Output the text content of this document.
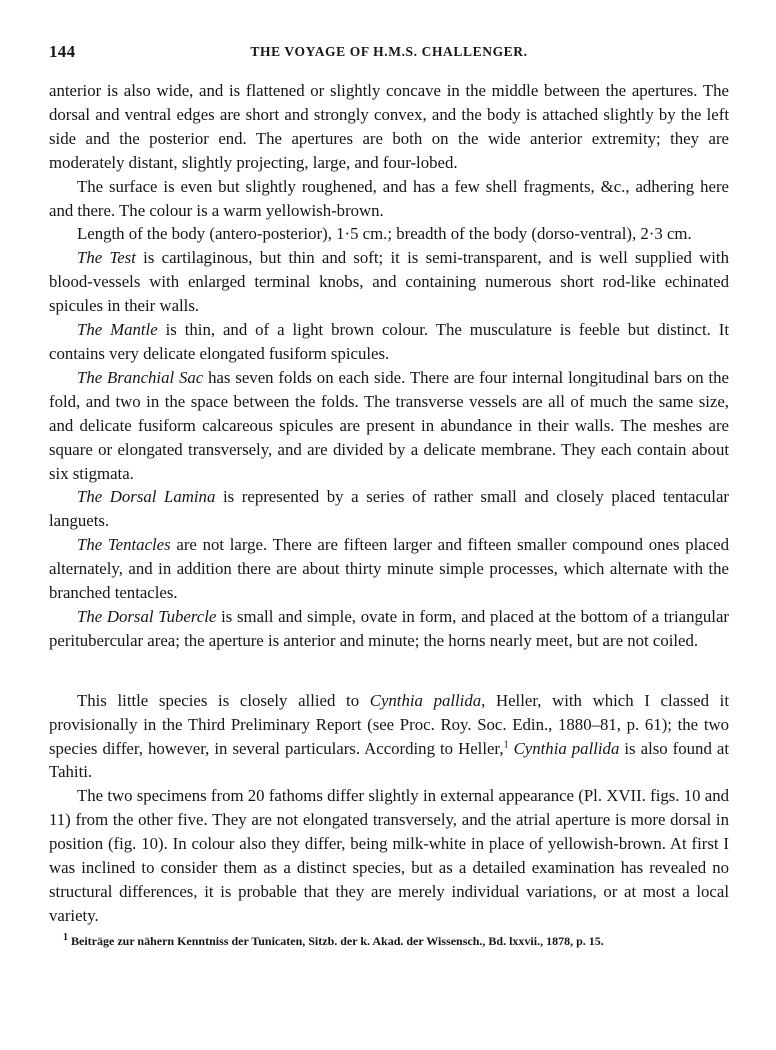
144	THE VOYAGE OF H.M.S. CHALLENGER.

anterior is also wide, and is flattened or slightly concave in the middle between the apertures. The dorsal and ventral edges are short and strongly convex, and the body is attached slightly by the left side and the posterior end. The apertures are both on the wide anterior extremity; they are moderately distant, slightly projecting, large, and four-lobed.

The surface is even but slightly roughened, and has a few shell fragments, &c., adhering here and there. The colour is a warm yellowish-brown.

Length of the body (antero-posterior), 1·5 cm.; breadth of the body (dorso-ventral), 2·3 cm.

The Test is cartilaginous, but thin and soft; it is semi-transparent, and is well supplied with blood-vessels with enlarged terminal knobs, and containing numerous short rod-like echinated spicules in their walls.

The Mantle is thin, and of a light brown colour. The musculature is feeble but distinct. It contains very delicate elongated fusiform spicules.

The Branchial Sac has seven folds on each side. There are four internal longitudinal bars on the fold, and two in the space between the folds. The transverse vessels are all of much the same size, and delicate fusiform calcareous spicules are present in abundance in their walls. The meshes are square or elongated transversely, and are divided by a delicate membrane. They each contain about six stigmata.

The Dorsal Lamina is represented by a series of rather small and closely placed tentacular languets.

The Tentacles are not large. There are fifteen larger and fifteen smaller compound ones placed alternately, and in addition there are about thirty minute simple processes, which alternate with the branched tentacles.

The Dorsal Tubercle is small and simple, ovate in form, and placed at the bottom of a triangular peritubercular area; the aperture is anterior and minute; the horns nearly meet, but are not coiled.

This little species is closely allied to Cynthia pallida, Heller, with which I classed it provisionally in the Third Preliminary Report (see Proc. Roy. Soc. Edin., 1880–81, p. 61); the two species differ, however, in several particulars. According to Heller,$^1$ Cynthia pallida is also found at Tahiti.

The two specimens from 20 fathoms differ slightly in external appearance (Pl. XVII. figs. 10 and 11) from the other five. They are not elongated transversely, and the atrial aperture is more dorsal in position (fig. 10). In colour also they differ, being milk-white in place of yellowish-brown. At first I was inclined to consider them as a distinct species, but as a detailed examination has revealed no structural differences, it is probable that they are merely individual variations, or at most a local variety.

$^1$ Beiträge zur nähern Kenntniss der Tunicaten, Sitzb. der k. Akad. der Wissensch., Bd. lxxvii., 1878, p. 15.
